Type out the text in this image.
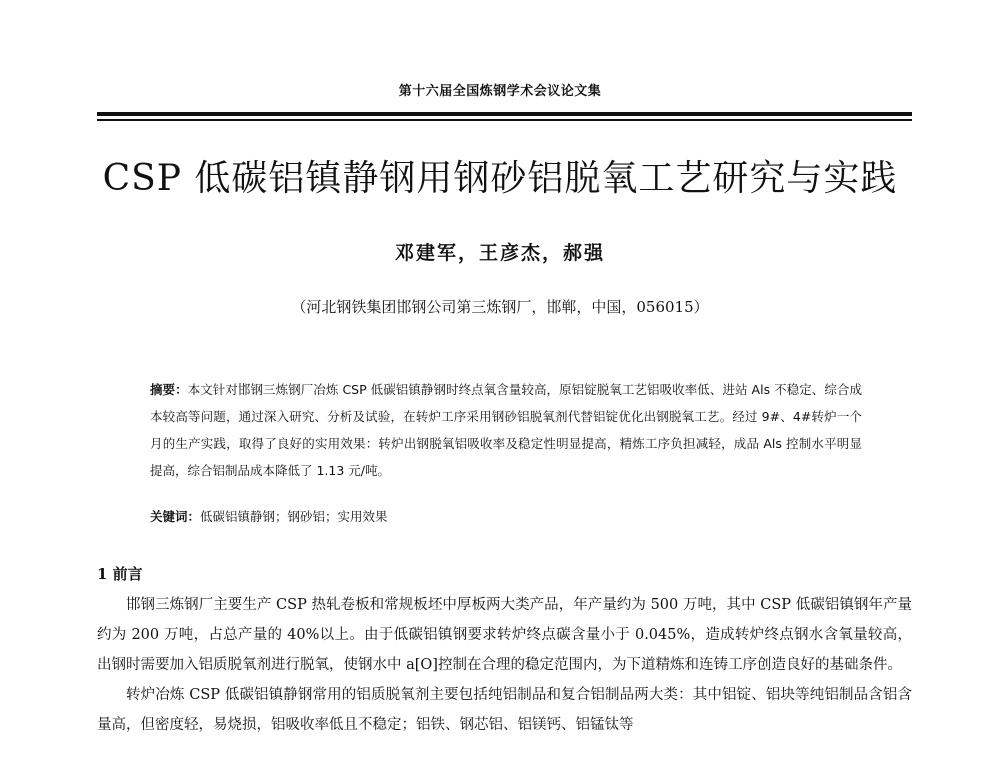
第十六届全国炼钢学术会议论文集
CSP 低碳铝镇静钢用钢砂铝脱氧工艺研究与实践
邓建军，王彦杰，郝强
（河北钢铁集团邯钢公司第三炼钢厂，邯郸，中国，056015）
摘要：本文针对邯钢三炼钢厂冶炼 CSP 低碳铝镇静钢时终点氧含量较高，原铝锭脱氧工艺铝吸收率低、进站 Als 不稳定、综合成本较高等问题，通过深入研究、分析及试验，在转炉工序采用钢砂铝脱氧剂代替铝锭优化出钢脱氧工艺。经过 9#、4#转炉一个月的生产实践，取得了良好的实用效果：转炉出钢脱氧铝吸收率及稳定性明显提高，精炼工序负担减轻，成品 Als 控制水平明显提高，综合铝制品成本降低了 1.13 元/吨。
关键词：低碳铝镇静钢；钢砂铝；实用效果
1 前言

邯钢三炼钢厂主要生产 CSP 热轧卷板和常规板坯中厚板两大类产品，年产量约为 500 万吨，其中 CSP 低碳铝镇钢年产量约为 200 万吨，占总产量的 40%以上。由于低碳铝镇钢要求转炉终点碳含量小于 0.045%，造成转炉终点钢水含氧量较高，出钢时需要加入铝质脱氧剂进行脱氧，使钢水中 a[O]控制在合理的稳定范围内，为下道精炼和连铸工序创造良好的基础条件。

转炉冶炼 CSP 低碳铝镇静钢常用的铝质脱氧剂主要包括纯铝制品和复合铝制品两大类：其中铝锭、铝块等纯铝制品含铝含量高，但密度轻，易烧损，铝吸收率低且不稳定；铝铁、钢芯铝、铝镁钙、铝锰钛等
